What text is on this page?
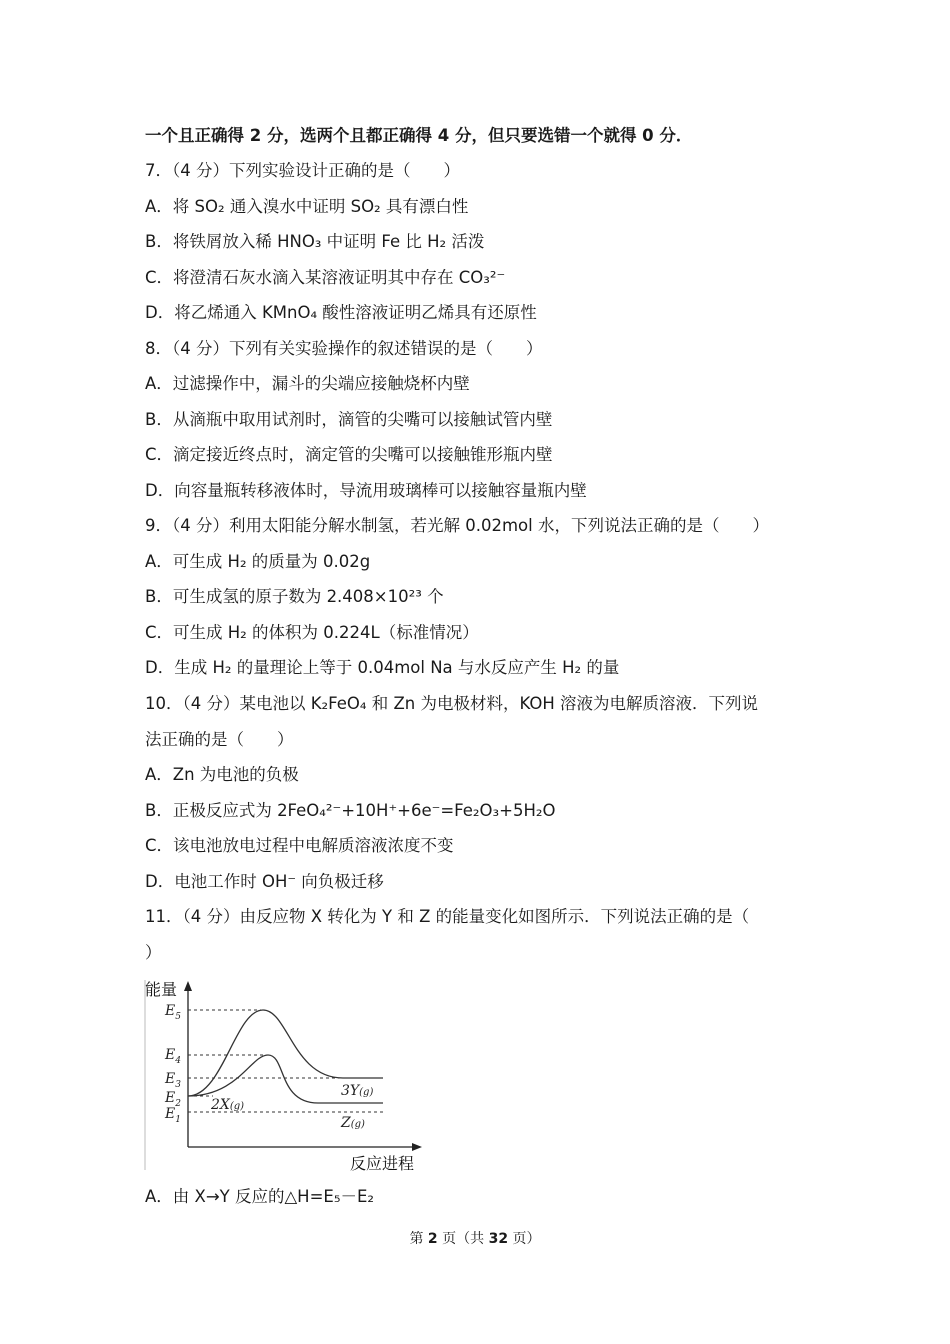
一个且正确得 2 分，选两个且都正确得 4 分，但只要选错一个就得 0 分．
7．（4 分）下列实验设计正确的是（　　）
A．将 SO₂ 通入溴水中证明 SO₂ 具有漂白性
B．将铁屑放入稀 HNO₃ 中证明 Fe 比 H₂ 活泼
C．将澄清石灰水滴入某溶液证明其中存在 CO₃²⁻
D．将乙烯通入 KMnO₄ 酸性溶液证明乙烯具有还原性
8．（4 分）下列有关实验操作的叙述错误的是（　　）
A．过滤操作中，漏斗的尖端应接触烧杯内壁
B．从滴瓶中取用试剂时，滴管的尖嘴可以接触试管内壁
C．滴定接近终点时，滴定管的尖嘴可以接触锥形瓶内壁
D．向容量瓶转移液体时，导流用玻璃棒可以接触容量瓶内壁
9．（4 分）利用太阳能分解水制氢，若光解 0.02mol 水，下列说法正确的是（　　）
A．可生成 H₂ 的质量为 0.02g
B．可生成氢的原子数为 2.408×10²³ 个
C．可生成 H₂ 的体积为 0.224L（标准情况）
D．生成 H₂ 的量理论上等于 0.04mol Na 与水反应产生 H₂ 的量
10．（4 分）某电池以 K₂FeO₄ 和 Zn 为电极材料，KOH 溶液为电解质溶液．下列说
法正确的是（　　）
A．Zn 为电池的负极
B．正极反应式为 2FeO₄²⁻+10H⁺+6e⁻=Fe₂O₃+5H₂O
C．该电池放电过程中电解质溶液浓度不变
D．电池工作时 OH⁻ 向负极迁移
11．（4 分）由反应物 X 转化为 Y 和 Z 的能量变化如图所示．下列说法正确的是（
）
A．由 X→Y 反应的△H=E₅－E₂
$E_5$
$E_4$
$E_3$
$E_2$
$E_1$
3Y(g)
2X(g)
Z(g)
能量
反应进程
第 2 页（共 32 页）
